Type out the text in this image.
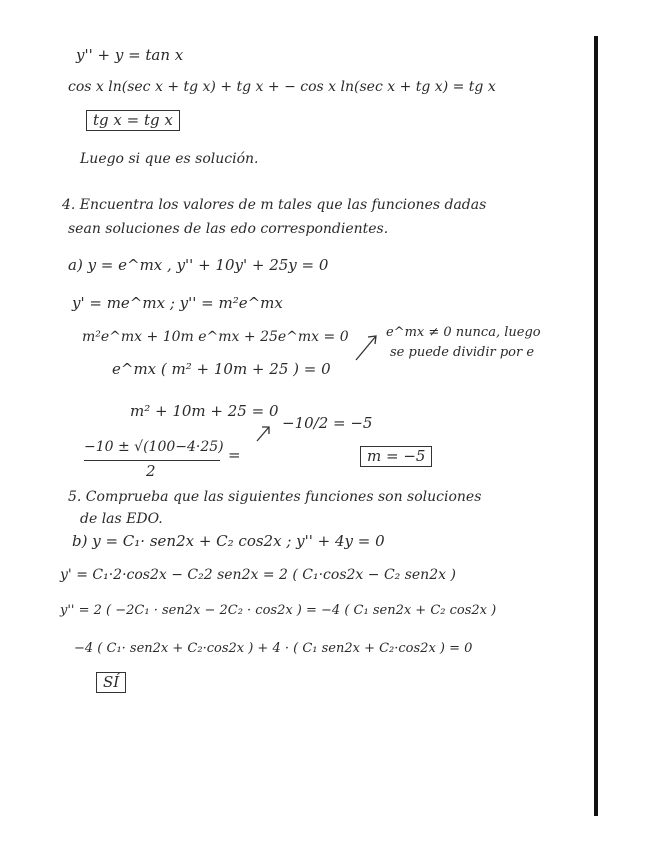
y'' + y = tan x
cos x ln(sec x + tg x) + tg x + − cos x ln(sec x + tg x) = tg x
tg x = tg x
Luego si que es solución.
4. Encuentra los valores de m tales que las funciones dadas
sean soluciones de las edo correspondientes.
a) y = e^mx , y'' + 10y' + 25y = 0
y' = me^mx ; y'' = m²e^mx
m²e^mx + 10m e^mx + 25e^mx = 0
e^mx ( m² + 10m + 25 ) = 0
e^mx ≠ 0 nunca, luego
se puede dividir por e
m² + 10m + 25 = 0
−10 ± √(100−4·25)
2
=
−10/2 = −5
m = −5
5. Comprueba que las siguientes funciones son soluciones
de las EDO.
b) y = C₁· sen2x + C₂ cos2x ; y'' + 4y = 0
y' = C₁·2·cos2x − C₂2 sen2x = 2 ( C₁·cos2x − C₂ sen2x )
y'' = 2 ( −2C₁ · sen2x − 2C₂ · cos2x ) = −4 ( C₁ sen2x + C₂ cos2x )
−4 ( C₁· sen2x + C₂·cos2x ) + 4 · ( C₁ sen2x + C₂·cos2x ) = 0
SÍ
